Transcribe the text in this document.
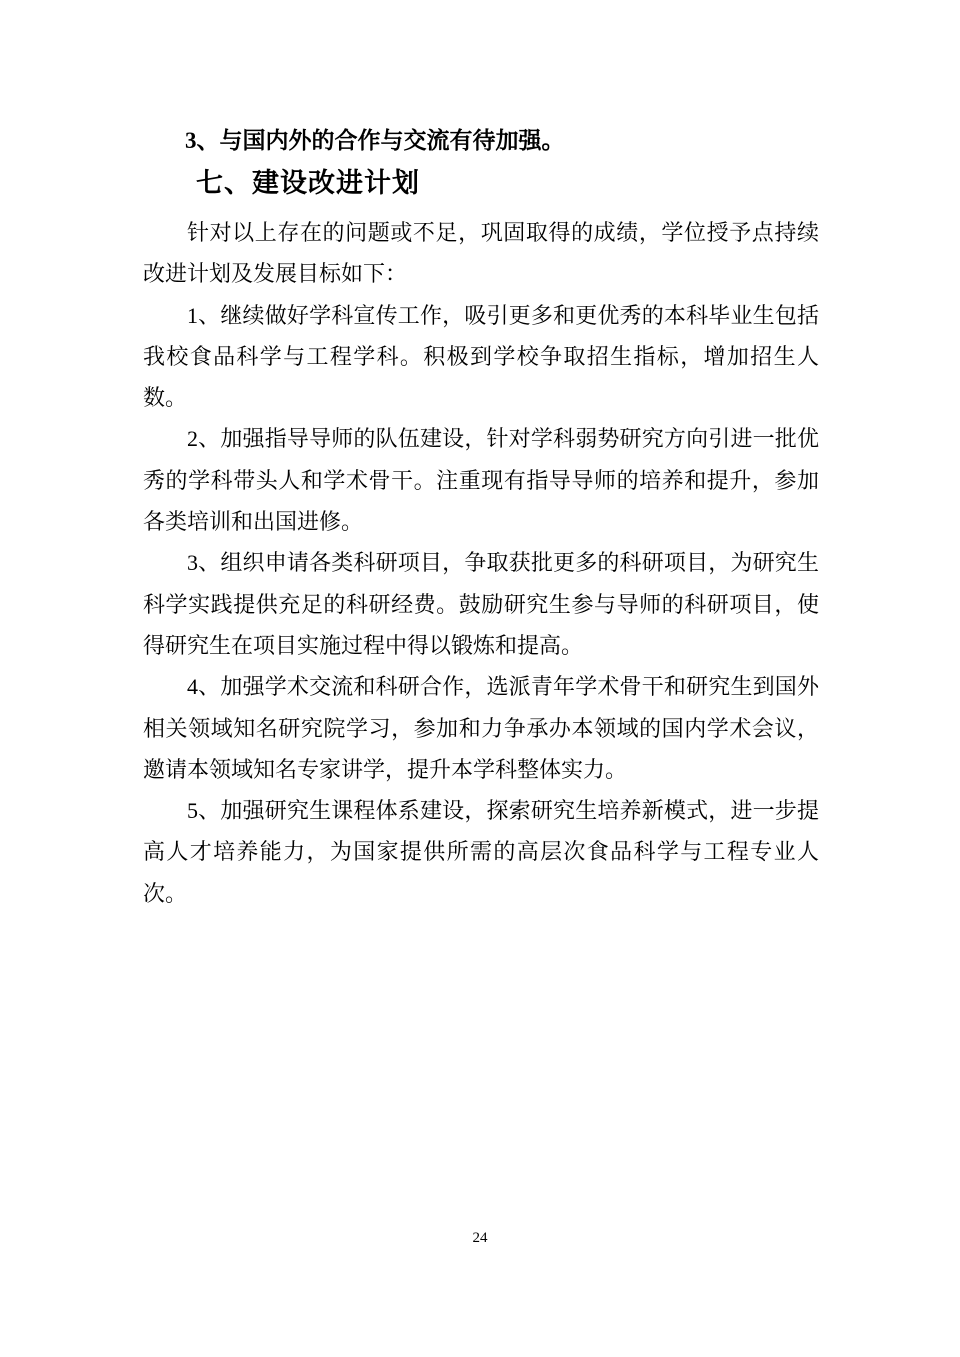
3、与国内外的合作与交流有待加强。

七、建设改进计划

针对以上存在的问题或不足，巩固取得的成绩，学位授予点持续改进计划及发展目标如下：

1、继续做好学科宣传工作，吸引更多和更优秀的本科毕业生包括我校食品科学与工程学科。积极到学校争取招生指标，增加招生人数。

2、加强指导导师的队伍建设，针对学科弱势研究方向引进一批优秀的学科带头人和学术骨干。注重现有指导导师的培养和提升，参加各类培训和出国进修。

3、组织申请各类科研项目，争取获批更多的科研项目，为研究生科学实践提供充足的科研经费。鼓励研究生参与导师的科研项目，使得研究生在项目实施过程中得以锻炼和提高。

4、加强学术交流和科研合作，选派青年学术骨干和研究生到国外相关领域知名研究院学习，参加和力争承办本领域的国内学术会议，邀请本领域知名专家讲学，提升本学科整体实力。

5、加强研究生课程体系建设，探索研究生培养新模式，进一步提高人才培养能力，为国家提供所需的高层次食品科学与工程专业人次。

24
